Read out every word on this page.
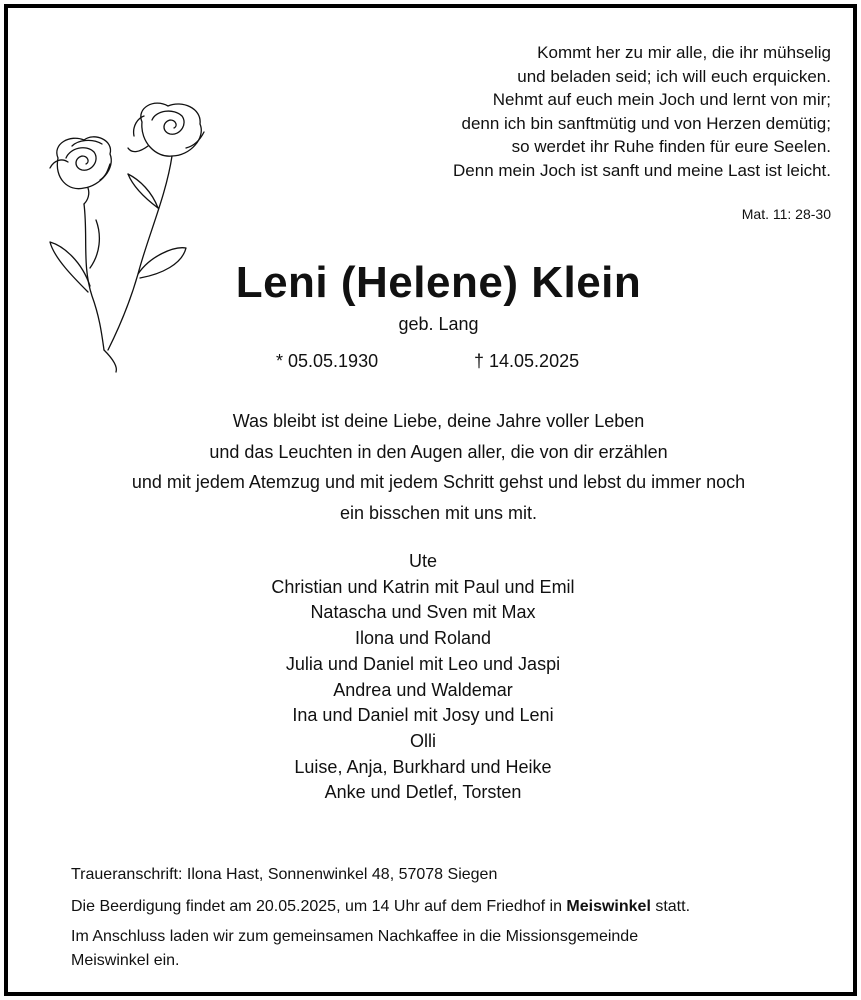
Kommt her zu mir alle, die ihr mühselig
und beladen seid; ich will euch erquicken.
Nehmt auf euch mein Joch und lernt von mir;
denn ich bin sanftmütig und von Herzen demütig;
so werdet ihr Ruhe finden für eure Seelen.
Denn mein Joch ist sanft und meine Last ist leicht.
Mat. 11: 28-30
Leni (Helene) Klein
geb. Lang
* 05.05.1930	† 14.05.2025
Was bleibt ist deine Liebe, deine Jahre voller Leben
und das Leuchten in den Augen aller, die von dir erzählen
und mit jedem Atemzug und mit jedem Schritt gehst und lebst du immer noch
ein bisschen mit uns mit.
Ute
Christian und Katrin mit Paul und Emil
Natascha und Sven mit Max
Ilona und Roland
Julia und Daniel mit Leo und Jaspi
Andrea und Waldemar
Ina und Daniel mit Josy und Leni
Olli
Luise, Anja, Burkhard und Heike
Anke und Detlef, Torsten
Traueranschrift: Ilona Hast, Sonnenwinkel 48, 57078 Siegen
Die Beerdigung findet am 20.05.2025, um 14 Uhr auf dem Friedhof in Meiswinkel statt.
Im Anschluss laden wir zum gemeinsamen Nachkaffee in die Missionsgemeinde
Meiswinkel ein.
